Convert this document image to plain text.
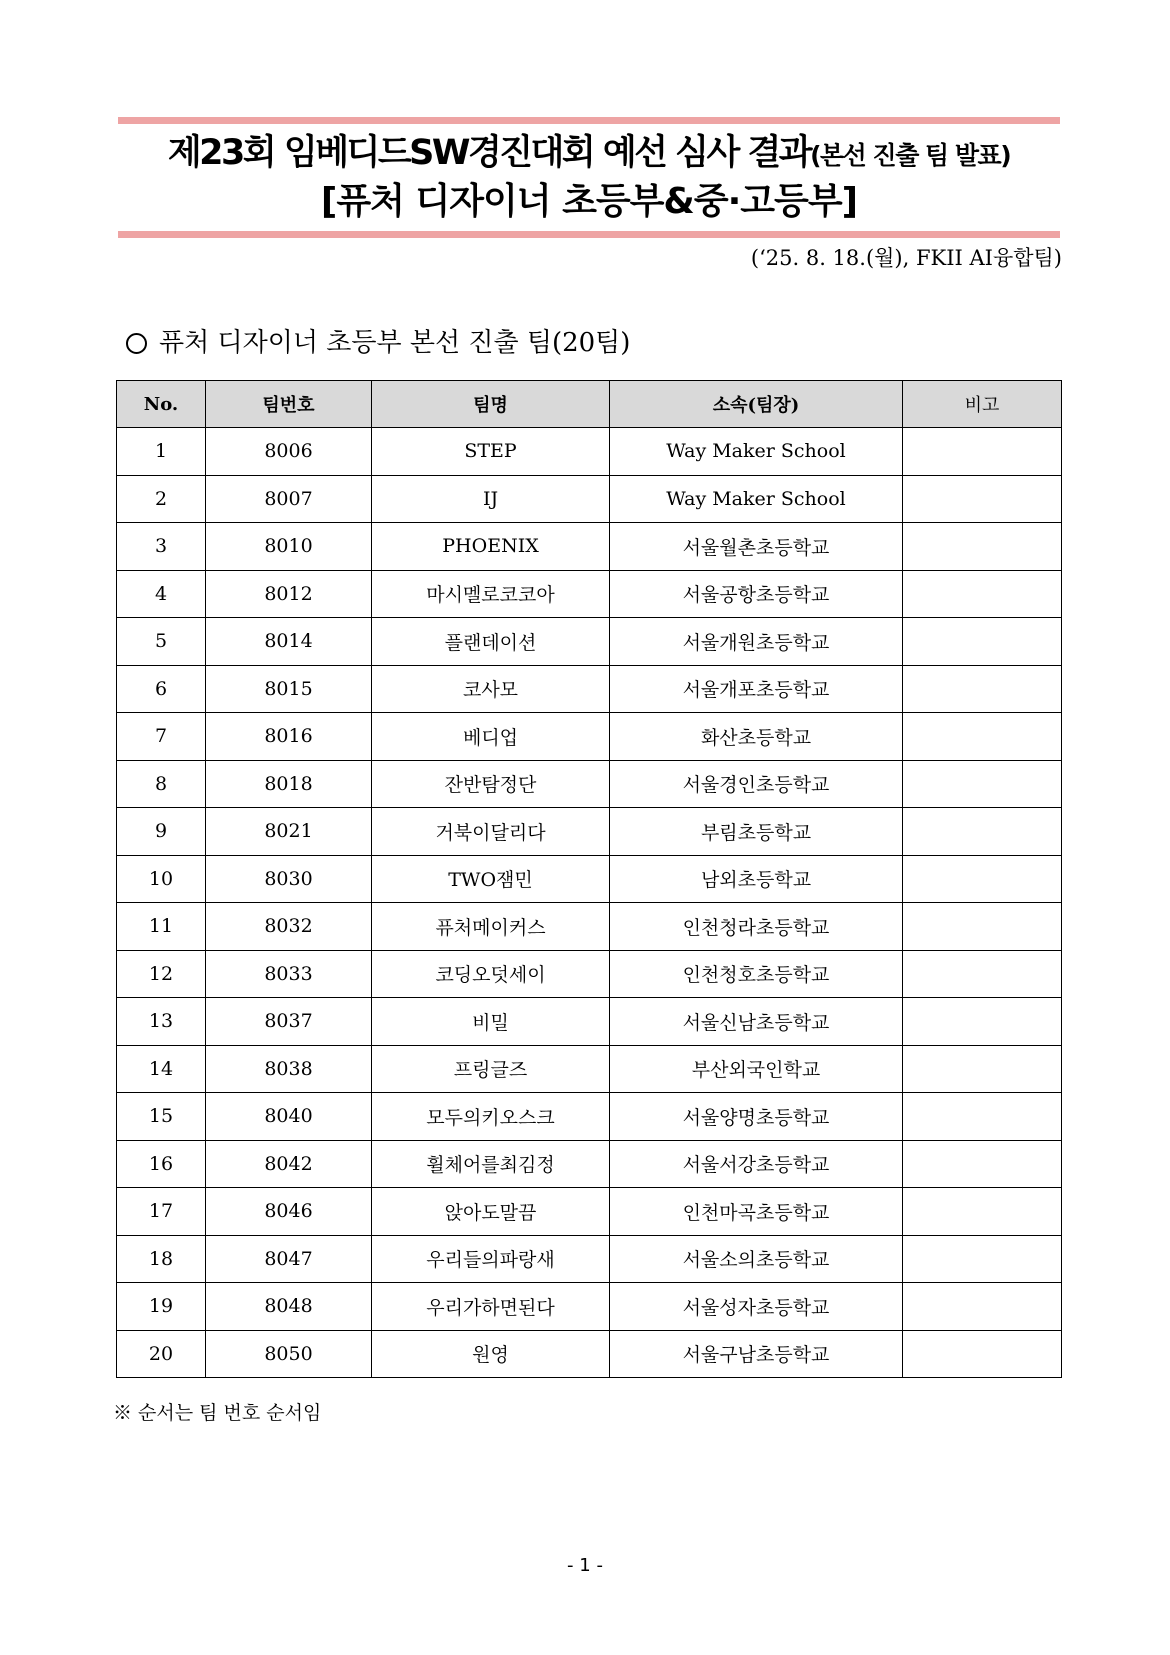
제23회 임베디드SW경진대회 예선 심사 결과(본선 진출 팀 발표)
[퓨처 디자이너 초등부&중·고등부]
(‘25. 8. 18.(월), FKII AI융합팀)
퓨처 디자이너 초등부 본선 진출 팀(20팀)
No.	팀번호	팀명	소속(팀장)	비고
1	8006	STEP	Way Maker School	
2	8007	IJ	Way Maker School	
3	8010	PHOENIX	서울월촌초등학교	
4	8012	마시멜로코코아	서울공항초등학교	
5	8014	플랜데이션	서울개원초등학교	
6	8015	코사모	서울개포초등학교	
7	8016	베디업	화산초등학교	
8	8018	잔반탐정단	서울경인초등학교	
9	8021	거북이달리다	부림초등학교	
10	8030	TWO잼민	남외초등학교	
11	8032	퓨처메이커스	인천청라초등학교	
12	8033	코딩오덧세이	인천청호초등학교	
13	8037	비밀	서울신남초등학교	
14	8038	프링글즈	부산외국인학교	
15	8040	모두의키오스크	서울양명초등학교	
16	8042	휠체어를최김정	서울서강초등학교	
17	8046	앉아도말끔	인천마곡초등학교	
18	8047	우리들의파랑새	서울소의초등학교	
19	8048	우리가하면된다	서울성자초등학교	
20	8050	원영	서울구남초등학교	
※ 순서는 팀 번호 순서임
- 1 -
